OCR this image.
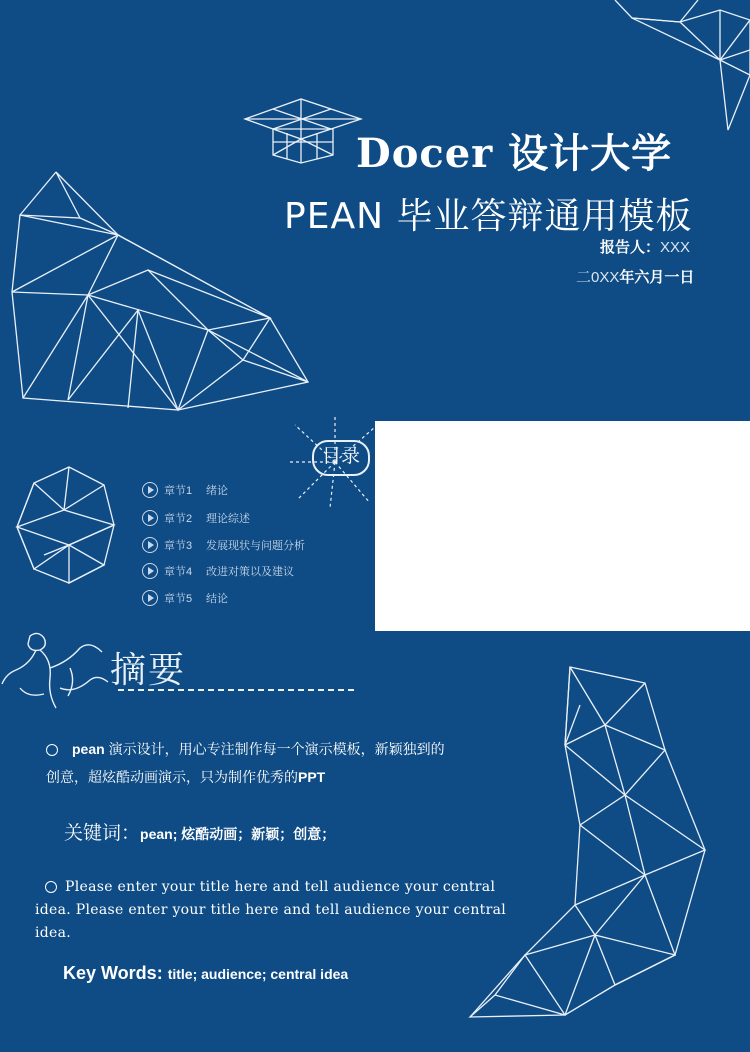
Docer 设计大学
PEAN 毕业答辩通用模板
报告人：XXX
二0XX年六月一日
目录
章节1	绪论
章节2	理论综述
章节3	发展现状与问题分析
章节4	改进对策以及建议
章节5	结论
摘要
pean 演示设计，用心专注制作每一个演示模板，新颖独到的
创意，超炫酷动画演示，只为制作优秀的PPT
关键词：pean; 炫酷动画；新颖；创意；
Please enter your title here and tell audience your central idea. Please enter your title here and tell audience your central idea.
Key Words: title; audience; central idea
